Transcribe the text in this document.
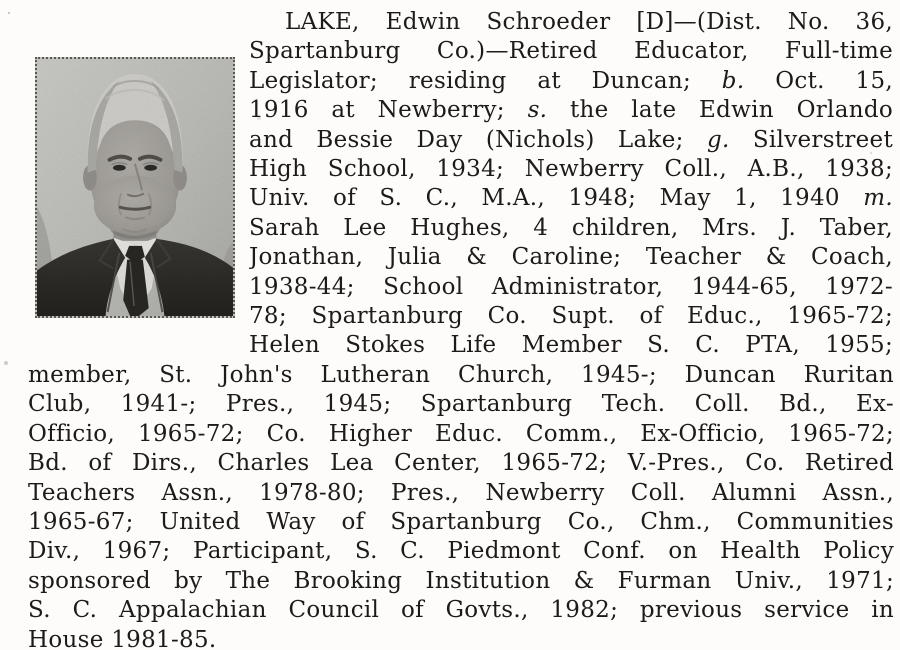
LAKE, Edwin Schroeder [D]—(Dist. No. 36,
Spartanburg Co.)—Retired Educator, Full-time
Legislator; residing at Duncan; b. Oct. 15,
1916 at Newberry; s. the late Edwin Orlando
and Bessie Day (Nichols) Lake; g. Silverstreet
High School, 1934; Newberry Coll., A.B., 1938;
Univ. of S. C., M.A., 1948; May 1, 1940 m.
Sarah Lee Hughes, 4 children, Mrs. J. Taber,
Jonathan, Julia & Caroline; Teacher & Coach,
1938-44; School Administrator, 1944-65, 1972-
78; Spartanburg Co. Supt. of Educ., 1965-72;
Helen Stokes Life Member S. C. PTA, 1955;
member, St. John's Lutheran Church, 1945-; Duncan Ruritan
Club, 1941-; Pres., 1945; Spartanburg Tech. Coll. Bd., Ex-
Officio, 1965-72; Co. Higher Educ. Comm., Ex-Officio, 1965-72;
Bd. of Dirs., Charles Lea Center, 1965-72; V.-Pres., Co. Retired
Teachers Assn., 1978-80; Pres., Newberry Coll. Alumni Assn.,
1965-67; United Way of Spartanburg Co., Chm., Communities
Div., 1967; Participant, S. C. Piedmont Conf. on Health Policy
sponsored by The Brooking Institution & Furman Univ., 1971;
S. C. Appalachian Council of Govts., 1982; previous service in
House 1981-85.
